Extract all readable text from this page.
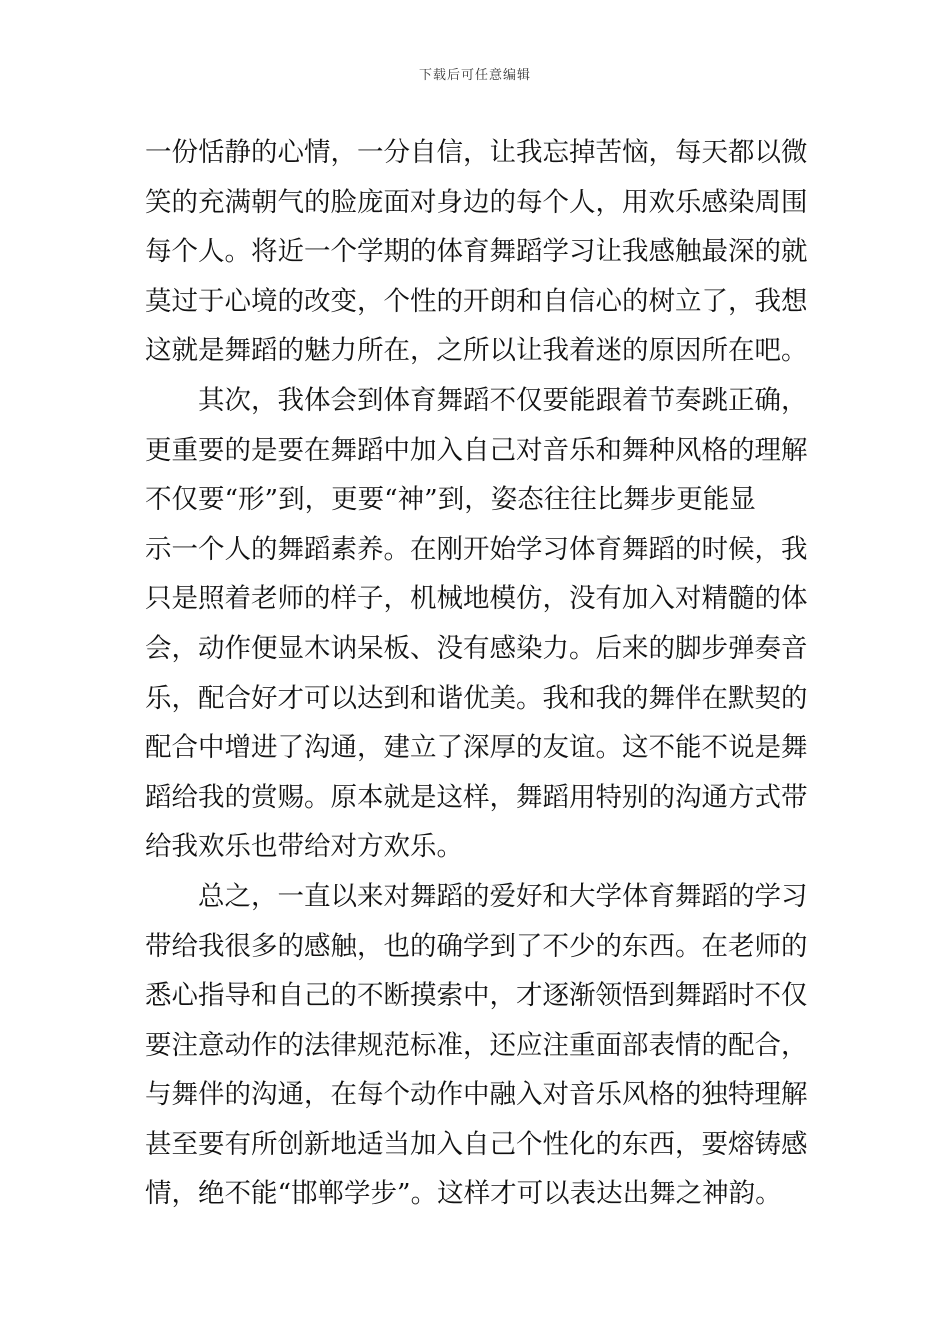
下载后可任意编辑
一份恬静的心情，一分自信，让我忘掉苦恼，每天都以微
笑的充满朝气的脸庞面对身边的每个人，用欢乐感染周围
每个人。将近一个学期的体育舞蹈学习让我感触最深的就
莫过于心境的改变，个性的开朗和自信心的树立了，我想
这就是舞蹈的魅力所在，之所以让我着迷的原因所在吧。
　　其次，我体会到体育舞蹈不仅要能跟着节奏跳正确，
更重要的是要在舞蹈中加入自己对音乐和舞种风格的理解
不仅要“形”到，更要“神”到，姿态往往比舞步更能显
示一个人的舞蹈素养。在刚开始学习体育舞蹈的时候，我
只是照着老师的样子，机械地模仿，没有加入对精髓的体
会，动作便显木讷呆板、没有感染力。后来的脚步弹奏音
乐，配合好才可以达到和谐优美。我和我的舞伴在默契的
配合中增进了沟通，建立了深厚的友谊。这不能不说是舞
蹈给我的赏赐。原本就是这样，舞蹈用特别的沟通方式带
给我欢乐也带给对方欢乐。
　　总之，一直以来对舞蹈的爱好和大学体育舞蹈的学习
带给我很多的感触，也的确学到了不少的东西。在老师的
悉心指导和自己的不断摸索中，才逐渐领悟到舞蹈时不仅
要注意动作的法律规范标准，还应注重面部表情的配合，
与舞伴的沟通，在每个动作中融入对音乐风格的独特理解
甚至要有所创新地适当加入自己个性化的东西，要熔铸感
情，绝不能“邯郸学步”。这样才可以表达出舞之神韵。
